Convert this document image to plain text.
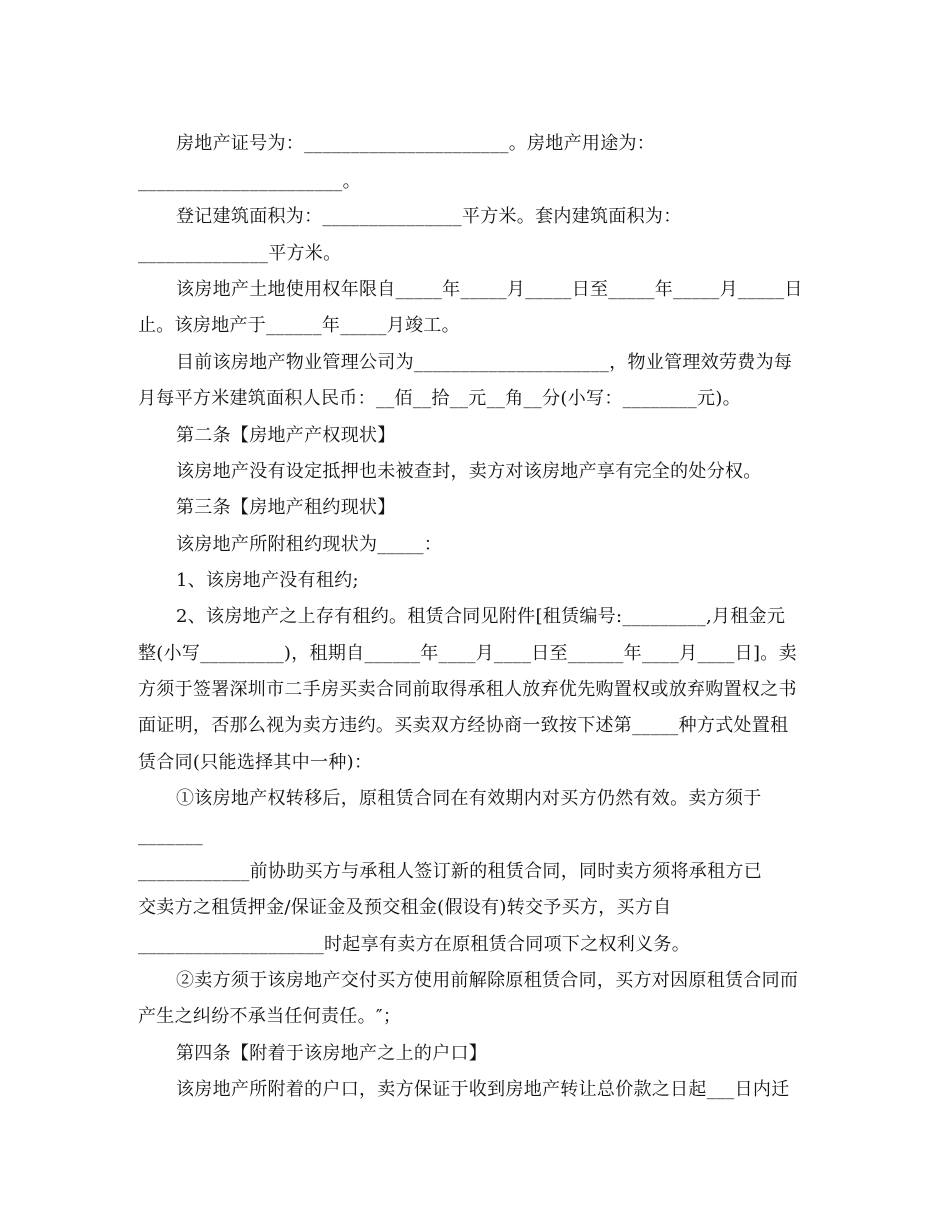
房地产证号为：______________________。房地产用途为：
______________________。
登记建筑面积为：_______________平方米。套内建筑面积为：
______________平方米。
该房地产土地使用权年限自_____年_____月_____日至_____年_____月_____日
止。该房地产于______年_____月竣工。
目前该房地产物业管理公司为_____________________，物业管理效劳费为每
月每平方米建筑面积人民币：__佰__拾__元__角__分(小写：________元)。
第二条【房地产产权现状】
该房地产没有设定抵押也未被查封，卖方对该房地产享有完全的处分权。
第三条【房地产租约现状】
该房地产所附租约现状为_____：
1、该房地产没有租约;
2、该房地产之上存有租约。租赁合同见附件[租赁编号:_________,月租金元
整(小写_________)，租期自______年____月____日至______年____月____日]。卖
方须于签署深圳市二手房买卖合同前取得承租人放弃优先购置权或放弃购置权之书
面证明，否那么视为卖方违约。买卖双方经协商一致按下述第_____种方式处置租
赁合同(只能选择其中一种)：
①该房地产权转移后，原租赁合同在有效期内对买方仍然有效。卖方须于
_______
____________前协助买方与承租人签订新的租赁合同，同时卖方须将承租方已
交卖方之租赁押金/保证金及预交租金(假设有)转交予买方，买方自
____________________时起享有卖方在原租赁合同项下之权利义务。
②卖方须于该房地产交付买方使用前解除原租赁合同，买方对因原租赁合同而
产生之纠纷不承当任何责任。″；
第四条【附着于该房地产之上的户口】
该房地产所附着的户口，卖方保证于收到房地产转让总价款之日起___日内迁
